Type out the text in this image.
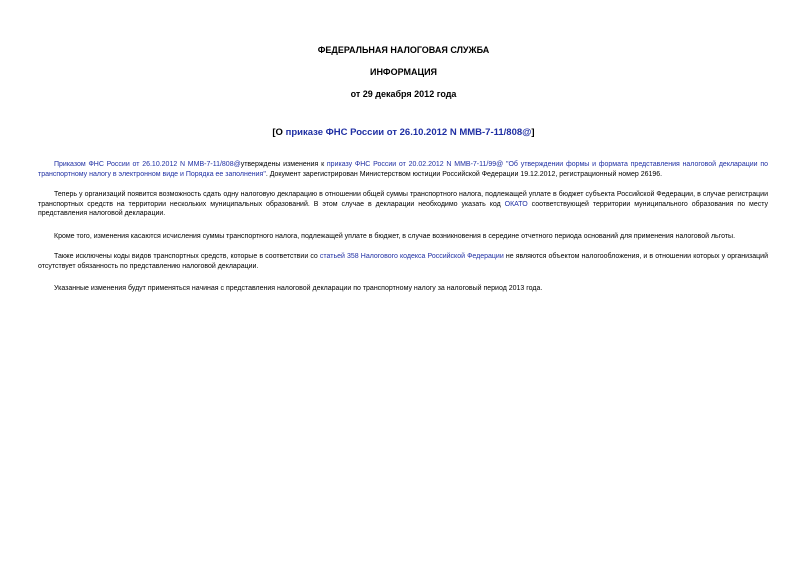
ФЕДЕРАЛЬНАЯ НАЛОГОВАЯ СЛУЖБА
ИНФОРМАЦИЯ
от 29 декабря 2012 года
[О приказе ФНС России от 26.10.2012 N ММВ-7-11/808@]

Приказом ФНС России от 26.10.2012 N ММВ-7-11/808@утверждены изменения к приказу ФНС России от 20.02.2012 N ММВ-7-11/99@ "Об утверждении формы и формата представления налоговой декларации по транспортному налогу в электронном виде и Порядка ее заполнения". Документ зарегистрирован Министерством юстиции Российской Федерации 19.12.2012, регистрационный номер 26196.

Теперь у организаций появится возможность сдать одну налоговую декларацию в отношении общей суммы транспортного налога, подлежащей уплате в бюджет субъекта Российской Федерации, в случае регистрации транспортных средств на территории нескольких муниципальных образований. В этом случае в декларации необходимо указать код ОКАТО соответствующей территории муниципального образования по месту представления налоговой декларации.

Кроме того, изменения касаются исчисления суммы транспортного налога, подлежащей уплате в бюджет, в случае возникновения в середине отчетного периода оснований для применения налоговой льготы.

Также исключены коды видов транспортных средств, которые в соответствии со статьей 358 Налогового кодекса Российской Федерации не являются объектом налогообложения, и в отношении которых у организаций отсутствует обязанность по представлению налоговой декларации.

Указанные изменения будут применяться начиная с представления налоговой декларации по транспортному налогу за налоговый период 2013 года.
